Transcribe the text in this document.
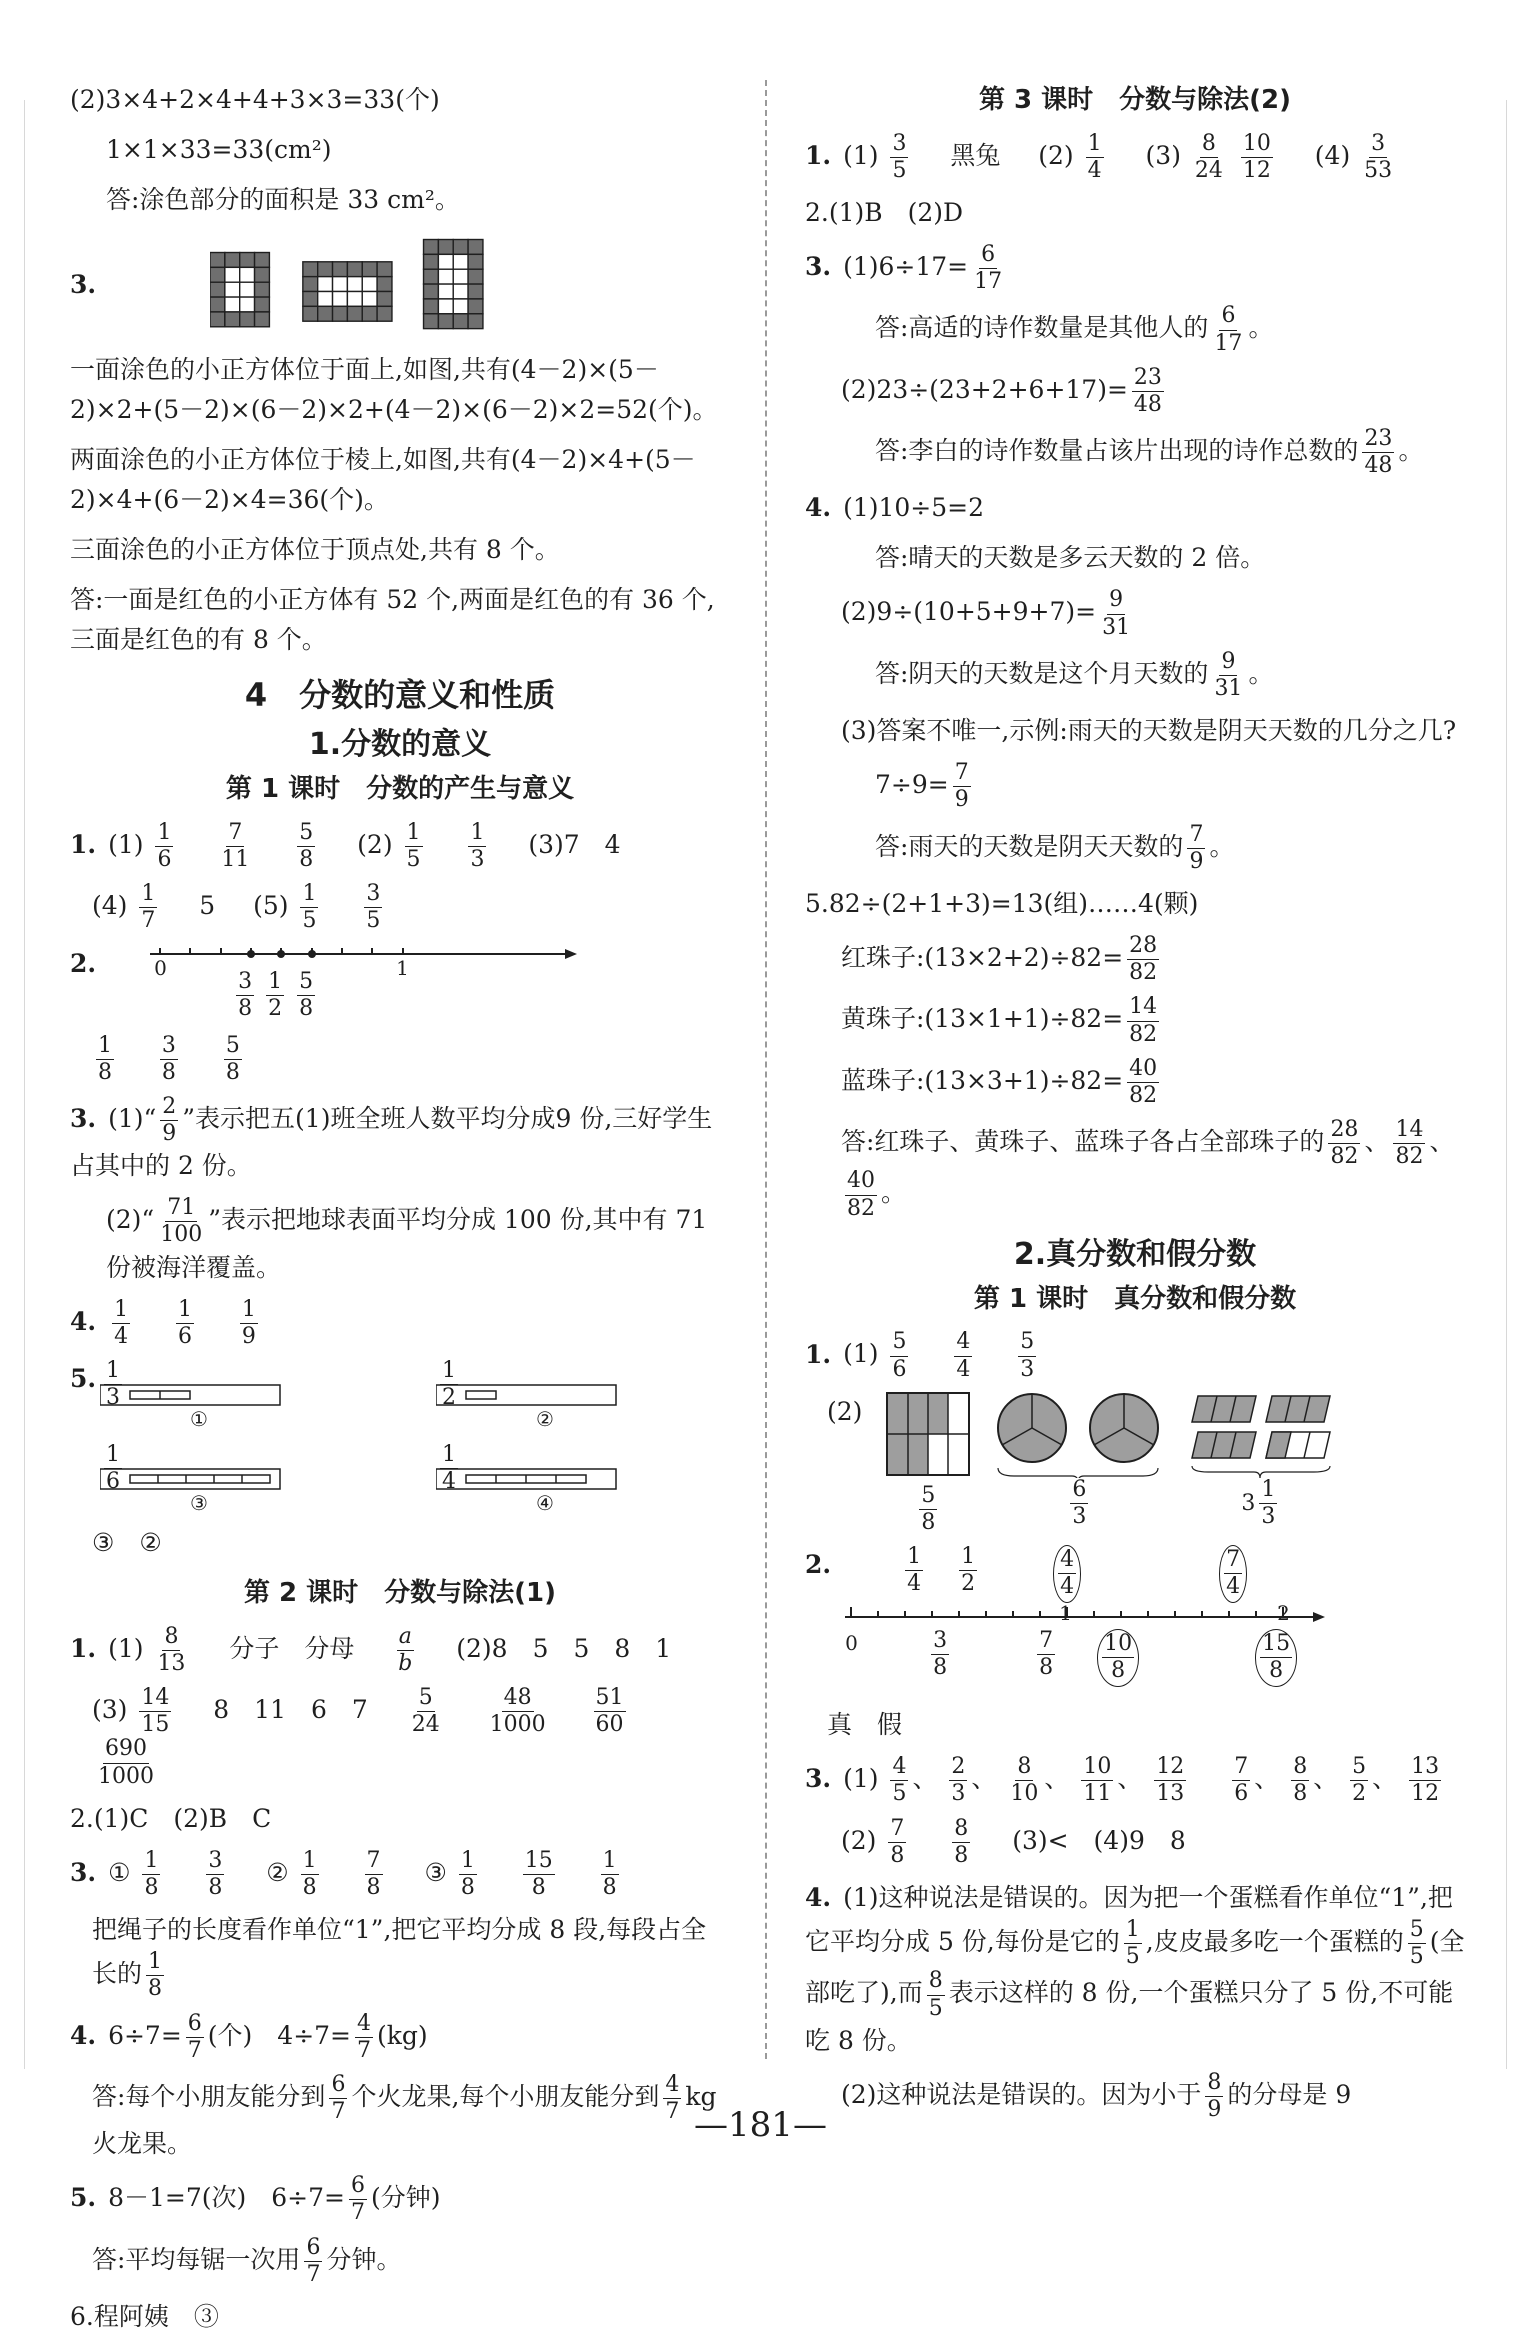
(2)3×4+2×4+4+3×3=33(个)
1×1×33=33(cm²)
答:涂色部分的面积是 33 cm²。
3.
一面涂色的小正方体位于面上,如图,共有(4－2)×(5－2)×2+(5－2)×(6－2)×2+(4－2)×(6－2)×2=52(个)。
两面涂色的小正方体位于棱上,如图,共有(4－2)×4+(5－2)×4+(6－2)×4=36(个)。
三面涂色的小正方体位于顶点处,共有 8 个。
答:一面是红色的小正方体有 52 个,两面是红色的有 36 个,三面是红色的有 8 个。
4　分数的意义和性质
1.分数的意义
第 1 课时　分数的产生与意义
1. $(1) \frac{1}{6}$
$\frac{7}{11}$
$\frac{5}{8} (2) \frac{1}{5}$
$\frac{1}{3} (3)7$　4
$(4) \frac{1}{7} 5$ $(5) \frac{1}{5}$
$\frac{3}{5}$
2.	0	1
$\frac{3}{8} \frac{1}{2} \frac{5}{8}$
$\frac{1}{8}$
$\frac{3}{8}$
$\frac{5}{8}$
3. (1)“ $\frac{2}{9}$ ”表示把五(1)班全班人数平均分成9 份,三好学生占其中的 2 份。
(2)“ $\frac{71}{100}$ ”表示把地球表面平均分成 100 份,其中有 71 份被海洋覆盖。
4. $\frac{1}{4}$
$\frac{1}{6}$
$\frac{1}{9}$
5. $\frac{1}{3}$
①
$\frac{1}{2}$
②
$\frac{1}{6}$
③
$\frac{1}{4}$
④
③　②
第 2 课时　分数与除法(1)
1. $(1) \frac{8}{13}$ 分子　分母 $\frac{a}{b} (2)8$　5　5　8　1
$(3) \frac{14}{15} 8$　11　6　$7 \frac{5}{24}$
$\frac{48}{1000}$
$\frac{51}{60}$

$\frac{690}{1000}$
2.(1)C　(2)B　C
3. ① $\frac{1}{8}$
$\frac{3}{8}$ ② $\frac{1}{8}$
$\frac{7}{8}$ ③ $\frac{1}{8}$
$\frac{15}{8}$
$\frac{1}{8}$
把绳子的长度看作单位“1”,把它平均分成 8 段,每段占全长的 $\frac{1}{8}$
4. $6\div 7= \frac{6}{7}$ (个)　$4\div 7= \frac{4}{7} (kg)$
答:每个小朋友能分到 $\frac{6}{7}$ 个火龙果,每个小朋友能分到 $\frac{4}{7}$ kg 火龙果。
5. 8－1=7(次)　$6\div 7= \frac{6}{7}$ (分钟)
答:平均每锯一次用 $\frac{6}{7}$ 分钟。
6.程阿姨　③
第 3 课时　分数与除法(2)
1. $(1) \frac{3}{5}$ 黑兔 $(2) \frac{1}{4} (3) \frac{8}{24}$
$\frac{10}{12} (4) \frac{3}{53}$
2.(1)B　(2)D
3. $(1)6\div 17= \frac{6}{17}$
答:高适的诗作数量是其他人的 $\frac{6}{17}$ 。
$(2)23\div(23+2+6+17)= \frac{23}{48}$
答:李白的诗作数量占该片出现的诗作总数的 $\frac{23}{48}$ 。
4. (1)10÷5=2
答:晴天的天数是多云天数的 2 倍。
$(2)9\div(10+5+9+7)= \frac{9}{31}$
答:阴天的天数是这个月天数的 $\frac{9}{31}$ 。
(3)答案不唯一,示例:雨天的天数是阴天天数的几分之几?
$7\div 9= \frac{7}{9}$
答:雨天的天数是阴天天数的 $\frac{7}{9}$ 。
5.82÷(2+1+3)=13(组)……4(颗)
红珠子:(13×2+2)÷82= $\frac{28}{82}$
黄珠子:(13×1+1)÷82= $\frac{14}{82}$
蓝珠子:(13×3+1)÷82= $\frac{40}{82}$
答:红珠子、黄珠子、蓝珠子各占全部珠子的 $\frac{28}{82}$ 、 $\frac{14}{82}$ 、
$\frac{40}{82}$ 。
2.真分数和假分数
第 1 课时　真分数和假分数
1. $(1) \frac{5}{6}$
$\frac{4}{4}$
$\frac{5}{3}$
(2)
$\frac{5}{8}$	$\frac{6}{3}$	$3 \frac{1}{3}$
2.
0
1	2
$\frac{1}{4} \frac{1}{2}$	$\frac{4}{4}$	$\frac{7}{4}$
$\frac{3}{8}$	$\frac{7}{8} \frac{10}{8}$	$\frac{15}{8}$
真　假
3. $(1) \frac{4}{5}$ 、 $\frac{2}{3}$ 、 $\frac{8}{10}$ 、 $\frac{10}{11}$ 、 $\frac{12}{13}$
$\frac{7}{6}$ 、 $\frac{8}{8}$ 、 $\frac{5}{2}$ 、 $\frac{13}{12}$
$(2) \frac{7}{8}$
$\frac{8}{8} (3)<$　(4)9　8
4. (1)这种说法是错误的。因为把一个蛋糕看作单位“1”,把它平均分成 5 份,每份是它的 $\frac{1}{5}$ ,皮皮最多吃一个蛋糕的 $\frac{5}{5}$ (全部吃了),而 $\frac{8}{5}$ 表示这样的 8 份,一个蛋糕只分了 5 份,不可能吃 8 份。
(2)这种说法是错误的。因为小于 $\frac{8}{9}$ 的分母是 9
—181—
